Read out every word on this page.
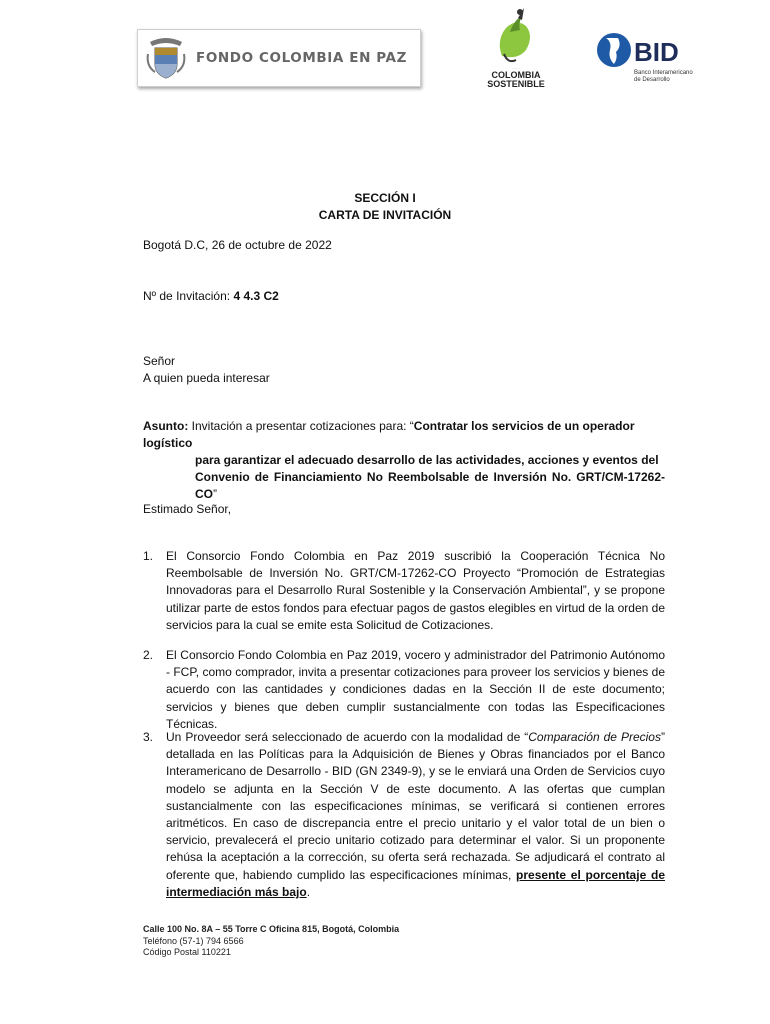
FONDO COLOMBIA EN PAZ
········
COLOMBIA
SOSTENIBLE
BID
Banco Interamericano
de Desarrollo
SECCIÓN I
CARTA DE INVITACIÓN
Bogotá D.C, 26 de octubre de 2022
Nº de Invitación: 4 4.3 C2
Señor
A quien pueda interesar
Asunto: Invitación a presentar cotizaciones para: “Contratar los servicios de un operador logístico
para garantizar el adecuado desarrollo de las actividades, acciones y eventos del
Convenio de Financiamiento No Reembolsable de Inversión No. GRT/CM-17262-CO”
Estimado Señor,
1.	El Consorcio Fondo Colombia en Paz 2019 suscribió la Cooperación Técnica No Reembolsable de Inversión No. GRT/CM-17262-CO Proyecto “Promoción de Estrategias Innovadoras para el Desarrollo Rural Sostenible y la Conservación Ambiental”, y se propone utilizar parte de estos fondos para efectuar pagos de gastos elegibles en virtud de la orden de servicios para la cual se emite esta Solicitud de Cotizaciones.
2.	El Consorcio Fondo Colombia en Paz 2019, vocero y administrador del Patrimonio Autónomo - FCP, como comprador, invita a presentar cotizaciones para proveer los servicios y bienes de acuerdo con las cantidades y condiciones dadas en la Sección II de este documento; servicios y bienes que deben cumplir sustancialmente con todas las Especificaciones Técnicas.
3.	Un Proveedor será seleccionado de acuerdo con la modalidad de “Comparación de Precios” detallada en las Políticas para la Adquisición de Bienes y Obras financiados por el Banco Interamericano de Desarrollo - BID (GN 2349-9), y se le enviará una Orden de Servicios cuyo modelo se adjunta en la Sección V de este documento. A las ofertas que cumplan sustancialmente con las especificaciones mínimas, se verificará si contienen errores aritméticos. En caso de discrepancia entre el precio unitario y el valor total de un bien o servicio, prevalecerá el precio unitario cotizado para determinar el valor. Si un proponente rehúsa la aceptación a la corrección, su oferta será rechazada. Se adjudicará el contrato al oferente que, habiendo cumplido las especificaciones mínimas, presente el porcentaje de intermediación más bajo.
Calle 100 No. 8A – 55 Torre C Oficina 815, Bogotá, Colombia
Teléfono (57-1) 794 6566
Código Postal 110221
